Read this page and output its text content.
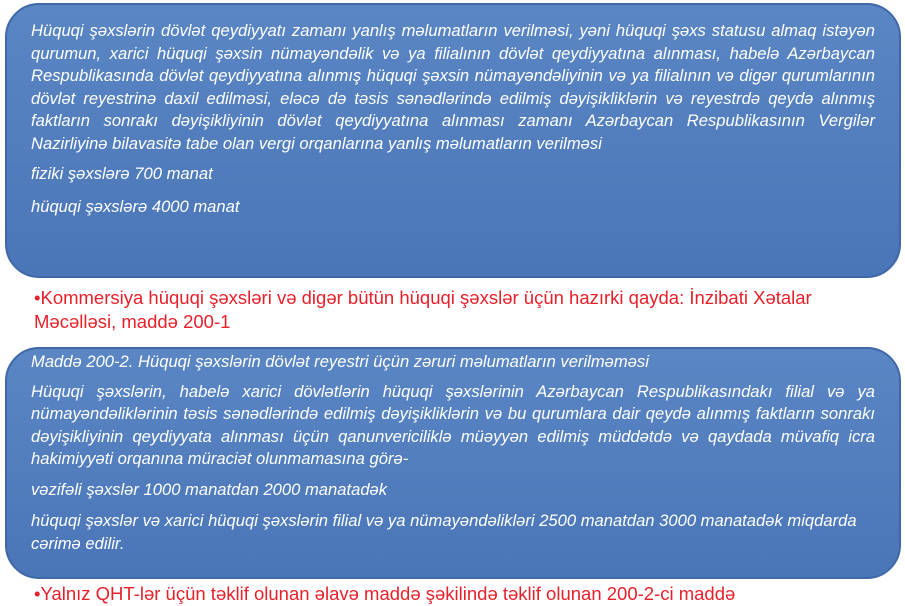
Hüquqi şəxslərin dövlət qeydiyyatı zamanı yanlış məlumatların verilməsi, yəni hüquqi şəxs statusu almaq istəyən qurumun, xarici hüquqi şəxsin nümayəndəlik və ya filialının dövlət qeydiyyatına alınması, habelə Azərbaycan Respublikasında dövlət qeydiyyatına alınmış hüquqi şəxsin nümayəndəliyinin və ya filialının və digər qurumlarının dövlət reyestrinə daxil edilməsi, eləcə də təsis sənədlərində edilmiş dəyişikliklərin və reyestrdə qeydə alınmış faktların sonrakı dəyişikliyinin dövlət qeydiyyatına alınması zamanı Azərbaycan Respublikasının Vergilər Nazirliyinə bilavasitə tabe olan vergi orqanlarına yanlış məlumatların verilməsi

fiziki şəxslərə 700 manat

hüquqi şəxslərə 4000 manat

•Kommersiya hüquqi şəxsləri və digər bütün hüquqi şəxslər üçün hazırki qayda: İnzibati Xətalar Məcəlləsi, maddə 200-1

Maddə 200-2. Hüquqi şəxslərin dövlət reyestri üçün zəruri məlumatların verilməməsi

Hüquqi şəxslərin, habelə xarici dövlətlərin hüquqi şəxslərinin Azərbaycan Respublikasındakı filial və ya nümayəndəliklərinin təsis sənədlərində edilmiş dəyişikliklərin və bu qurumlara dair qeydə alınmış faktların sonrakı dəyişikliyinin qeydiyyata alınması üçün qanunvericiliklə müəyyən edilmiş müddətdə və qaydada müvafiq icra hakimiyyəti orqanına müraciət olunmamasına görə-

vəzifəli şəxslər 1000 manatdan 2000 manatadək

hüquqi şəxslər və xarici hüquqi şəxslərin filial və ya nümayəndəlikləri 2500 manatdan 3000 manatadək miqdarda cərimə edilir.

•Yalnız QHT-lər üçün təklif olunan əlavə maddə şəkilində təklif olunan 200-2-ci maddə
